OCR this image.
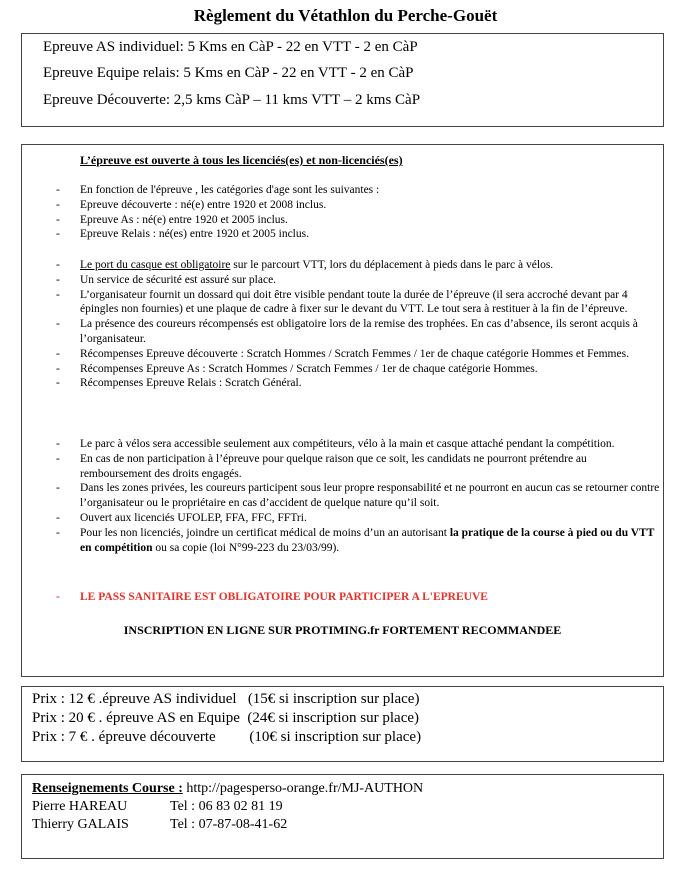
Règlement du Vétathlon du Perche-Gouët
Epreuve AS individuel: 5 Kms en CàP - 22 en VTT - 2 en CàP
Epreuve Equipe relais: 5 Kms en CàP - 22 en VTT - 2 en CàP
Epreuve Découverte: 2,5 kms CàP – 11 kms VTT – 2 kms CàP
L’épreuve est ouverte à tous les licenciés(es) et non-licenciés(es)
- En fonction de l'épreuve , les catégories d'age sont les suivantes :
- Epreuve découverte : né(e) entre 1920 et 2008 inclus.
- Epreuve As : né(e) entre 1920 et 2005 inclus.
- Epreuve Relais : né(es) entre 1920 et 2005 inclus.
- Le port du casque est obligatoire sur le parcourt VTT, lors du déplacement à pieds dans le parc à vélos.
- Un service de sécurité est assuré sur place.
- L’organisateur fournit un dossard qui doit être visible pendant toute la durée de l’épreuve (il sera accroché devant par 4 épingles non fournies) et une plaque de cadre à fixer sur le devant du VTT. Le tout sera à restituer à la fin de l’épreuve.
- La présence des coureurs récompensés est obligatoire lors de la remise des trophées. En cas d’absence, ils seront acquis à l’organisateur.
- Récompenses Epreuve découverte : Scratch Hommes / Scratch Femmes / 1er de chaque catégorie Hommes et Femmes.
- Récompenses Epreuve As : Scratch Hommes / Scratch Femmes / 1er de chaque catégorie Hommes.
- Récompenses Epreuve Relais : Scratch Général.
- Le parc à vélos sera accessible seulement aux compétiteurs, vélo à la main et casque attaché pendant la compétition.
- En cas de non participation à l’épreuve pour quelque raison que ce soit, les candidats ne pourront prétendre au remboursement des droits engagés.
- Dans les zones privées, les coureurs participent sous leur propre responsabilité et ne pourront en aucun cas se retourner contre l’organisateur ou le propriétaire en cas d’accident de quelque nature qu’il soit.
- Ouvert aux licenciés UFOLEP, FFA, FFC, FFTri.
- Pour les non licenciés, joindre un certificat médical de moins d’un an autorisant la pratique de la course à pied ou du VTT en compétition ou sa copie (loi N°99-223 du 23/03/99).
- LE PASS SANITAIRE EST OBLIGATOIRE POUR PARTICIPER A L'EPREUVE
INSCRIPTION EN LIGNE SUR PROTIMING.fr FORTEMENT RECOMMANDEE
Prix : 12 € .épreuve AS individuel   (15€ si inscription sur place)
Prix : 20 € . épreuve AS en Equipe  (24€ si inscription sur place)
Prix : 7 € . épreuve découverte         (10€ si inscription sur place)
Renseignements Course : http://pagesperso-orange.fr/MJ-AUTHON
Pierre HAREAU	Tel : 06 83 02 81 19
Thierry GALAIS	Tel : 07-87-08-41-62
